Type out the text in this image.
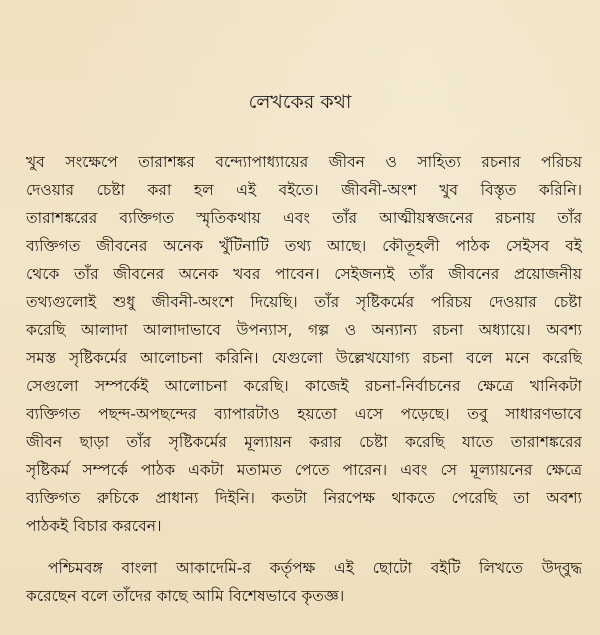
লেখকের কথা
খুব সংক্ষেপে তারাশঙ্কর বন্দ্যোপাধ্যায়ের জীবন ও সাহিত্য রচনার পরিচয়
দেওয়ার চেষ্টা করা হল এই বইতে। জীবনী-অংশ খুব বিস্তৃত করিনি।
তারাশঙ্করের ব্যক্তিগত স্মৃতিকথায় এবং তাঁর আত্মীয়স্বজনের রচনায় তাঁর
ব্যক্তিগত জীবনের অনেক খুঁটিনাটি তথ্য আছে। কৌতূহলী পাঠক সেইসব বই
থেকে তাঁর জীবনের অনেক খবর পাবেন। সেইজন্যই তাঁর জীবনের প্রয়োজনীয়
তথ্যগুলোই শুধু জীবনী-অংশে দিয়েছি। তাঁর সৃষ্টিকর্মের পরিচয় দেওয়ার চেষ্টা
করেছি আলাদা আলাদাভাবে উপন্যাস, গল্প ও অন্যান্য রচনা অধ্যায়ে। অবশ্য
সমস্ত সৃষ্টিকর্মের আলোচনা করিনি। যেগুলো উল্লেখযোগ্য রচনা বলে মনে করেছি
সেগুলো সম্পর্কেই আলোচনা করেছি। কাজেই রচনা-নির্বাচনের ক্ষেত্রে খানিকটা
ব্যক্তিগত পছন্দ-অপছন্দের ব্যাপারটাও হয়তো এসে পড়েছে। তবু সাধারণভাবে
জীবন ছাড়া তাঁর সৃষ্টিকর্মের মূল্যায়ন করার চেষ্টা করেছি যাতে তারাশঙ্করের
সৃষ্টিকর্ম সম্পর্কে পাঠক একটা মতামত পেতে পারেন। এবং সে মূল্যায়নের ক্ষেত্রে
ব্যক্তিগত রুচিকে প্রাধান্য দিইনি। কতটা নিরপেক্ষ থাকতে পেরেছি তা অবশ্য
পাঠকই বিচার করবেন।
পশ্চিমবঙ্গ বাংলা আকাদেমি-র কর্তৃপক্ষ এই ছোটো বইটি লিখতে উদ্‌বুদ্ধ
করেছেন বলে তাঁদের কাছে আমি বিশেষভাবে কৃতজ্ঞ।
